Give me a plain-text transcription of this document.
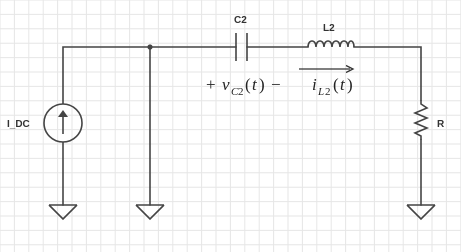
I_DC
C2
L2
R
+ v C 2 ( t ) − i L 2 ( t )
